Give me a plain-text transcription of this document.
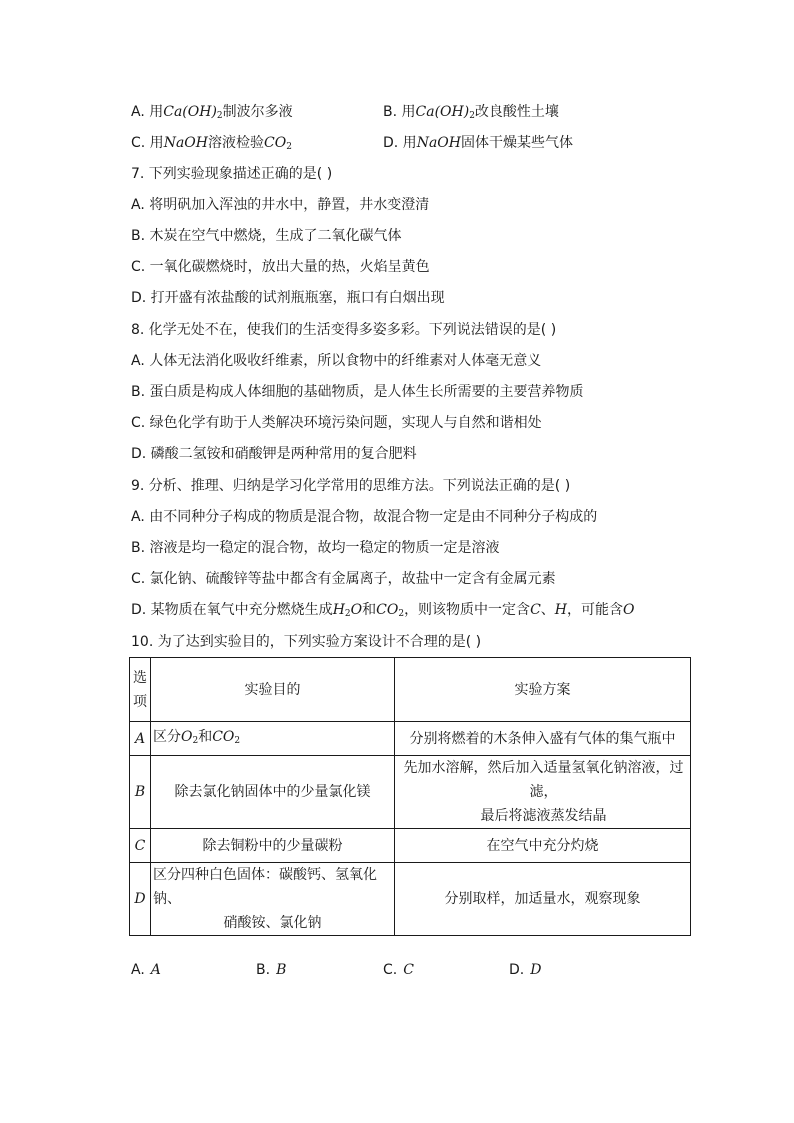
A. 用$Ca(OH)_2$制波尔多液	B. 用$Ca(OH)_2$改良酸性土壤
C. 用NaOH溶液检验$CO_2$	D. 用NaOH固体干燥某些气体
7. 下列实验现象描述正确的是( )
A. 将明矾加入浑浊的井水中，静置，井水变澄清
B. 木炭在空气中燃烧，生成了二氧化碳气体
C. 一氧化碳燃烧时，放出大量的热，火焰呈黄色
D. 打开盛有浓盐酸的试剂瓶瓶塞，瓶口有白烟出现
8. 化学无处不在，使我们的生活变得多姿多彩。下列说法错误的是( )
A. 人体无法消化吸收纤维素，所以食物中的纤维素对人体毫无意义
B. 蛋白质是构成人体细胞的基础物质，是人体生长所需要的主要营养物质
C. 绿色化学有助于人类解决环境污染问题，实现人与自然和谐相处
D. 磷酸二氢铵和硝酸钾是两种常用的复合肥料
9. 分析、推理、归纳是学习化学常用的思维方法。下列说法正确的是( )
A. 由不同种分子构成的物质是混合物，故混合物一定是由不同种分子构成的
B. 溶液是均一稳定的混合物，故均一稳定的物质一定是溶液
C. 氯化钠、硫酸锌等盐中都含有金属离子，故盐中一定含有金属元素
D. 某物质在氧气中充分燃烧生成$H_2O$和$CO_2$，则该物质中一定含C、H，可能含O
10. 为了达到实验目的，下列实验方案设计不合理的是( )
选
项	实验目的	实验方案
A	区分$O_2$和$CO_2$	分别将燃着的木条伸入盛有气体的集气瓶中
B	除去氯化钠固体中的少量氯化镁	先加水溶解，然后加入适量氢氧化钠溶液，过滤，
最后将滤液蒸发结晶

C	除去铜粉中的少量碳粉	在空气中充分灼烧
D	区分四种白色固体：碳酸钙、氢氧化钠、
硝酸铵、氯化钠	分别取样，加适量水，观察现象
A. A	B. B	C. C	D. D
